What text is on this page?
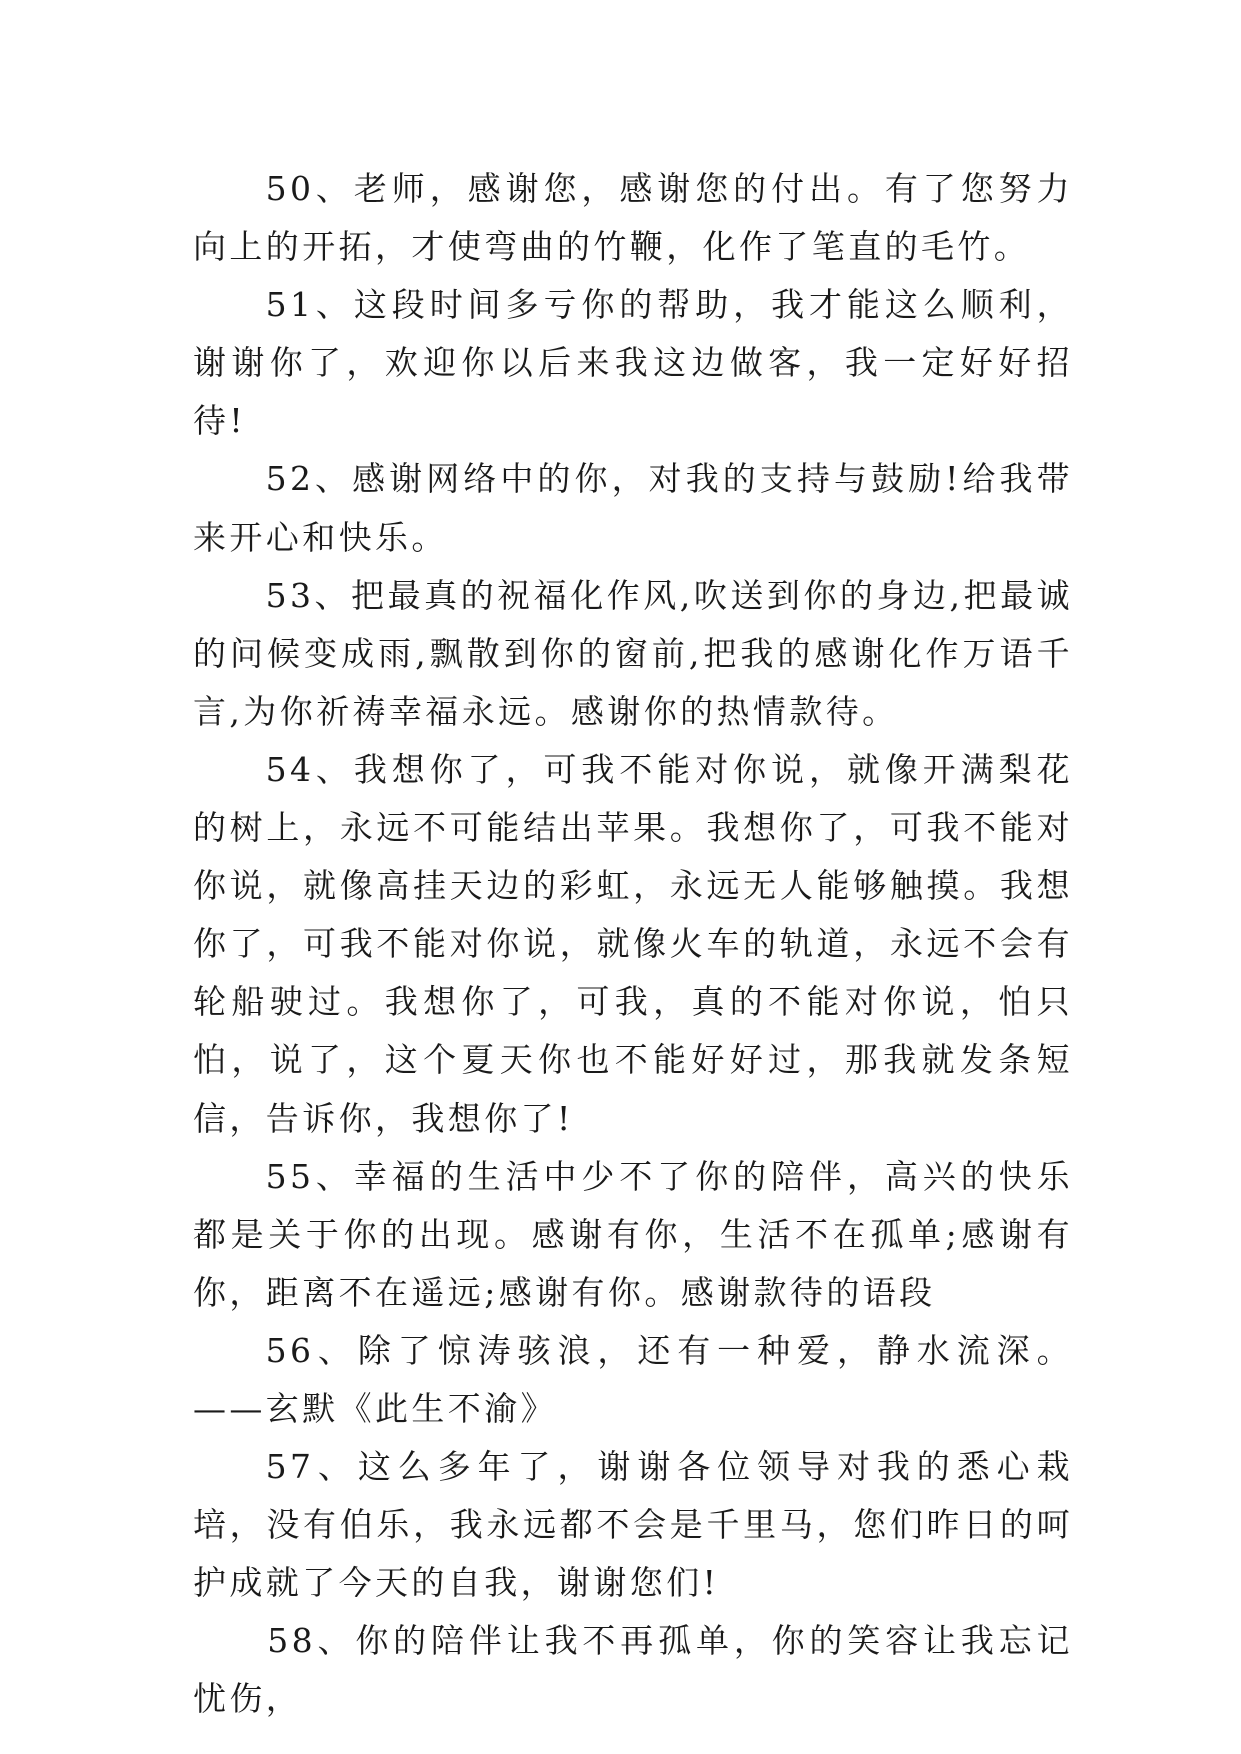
50、老师，感谢您，感谢您的付出。有了您努力向上的开拓，才使弯曲的竹鞭，化作了笔直的毛竹。

51、这段时间多亏你的帮助，我才能这么顺利，谢谢你了，欢迎你以后来我这边做客，我一定好好招待!

52、感谢网络中的你，对我的支持与鼓励!给我带来开心和快乐。

53、把最真的祝福化作风,吹送到你的身边,把最诚的问候变成雨,飘散到你的窗前,把我的感谢化作万语千言,为你祈祷幸福永远。感谢你的热情款待。

54、我想你了，可我不能对你说，就像开满梨花的树上，永远不可能结出苹果。我想你了，可我不能对你说，就像高挂天边的彩虹，永远无人能够触摸。我想你了，可我不能对你说，就像火车的轨道，永远不会有轮船驶过。我想你了，可我，真的不能对你说，怕只怕，说了，这个夏天你也不能好好过，那我就发条短信，告诉你，我想你了!

55、幸福的生活中少不了你的陪伴，高兴的快乐都是关于你的出现。感谢有你，生活不在孤单;感谢有你，距离不在遥远;感谢有你。感谢款待的语段

56、除了惊涛骇浪，还有一种爱，静水流深。——玄默《此生不渝》

57、这么多年了，谢谢各位领导对我的悉心栽培，没有伯乐，我永远都不会是千里马，您们昨日的呵护成就了今天的自我，谢谢您们!

58、你的陪伴让我不再孤单，你的笑容让我忘记忧伤，
